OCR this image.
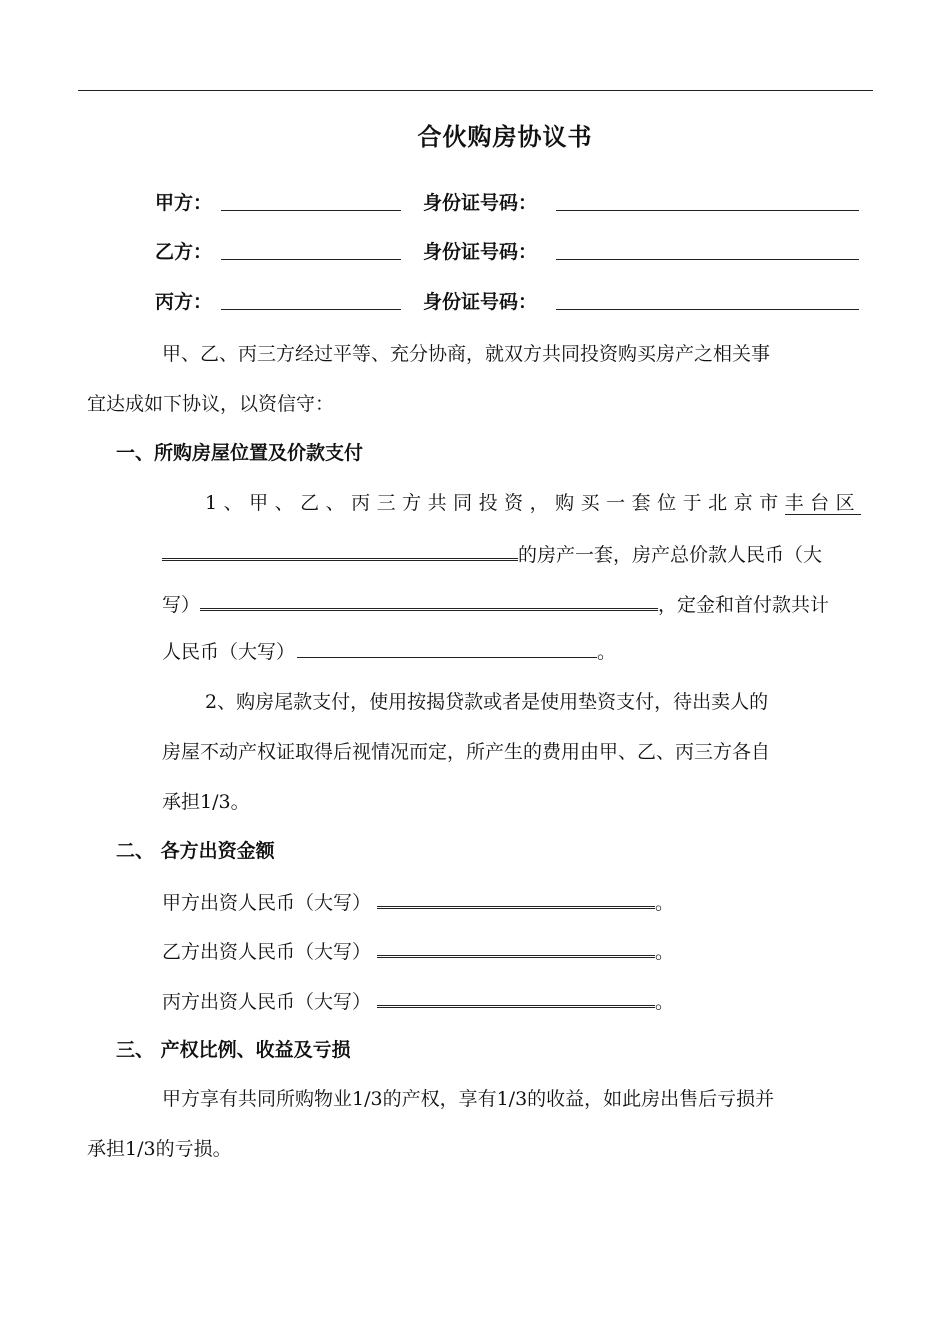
合伙购房协议书
甲方：	身份证号码：
乙方：	身份证号码：
丙方：	身份证号码：
甲、乙、丙三方经过平等、充分协商，就双方共同投资购买房产之相关事
宜达成如下协议，以资信守：
一、所购房屋位置及价款支付
1、甲、乙、丙三方共同投资，购买一套位于北京市丰台区
的房产一套，房产总价款人民币（大
写）	，定金和首付款共计
人民币（大写）	。
2、购房尾款支付，使用按揭贷款或者是使用垫资支付，待出卖人的
房屋不动产权证取得后视情况而定，所产生的费用由甲、乙、丙三方各自
承担1/3。
二、 各方出资金额
甲方出资人民币（大写）	。
乙方出资人民币（大写）	。
丙方出资人民币（大写）	。
三、 产权比例、收益及亏损
甲方享有共同所购物业1/3的产权，享有1/3的收益，如此房出售后亏损并
承担1/3的亏损。
